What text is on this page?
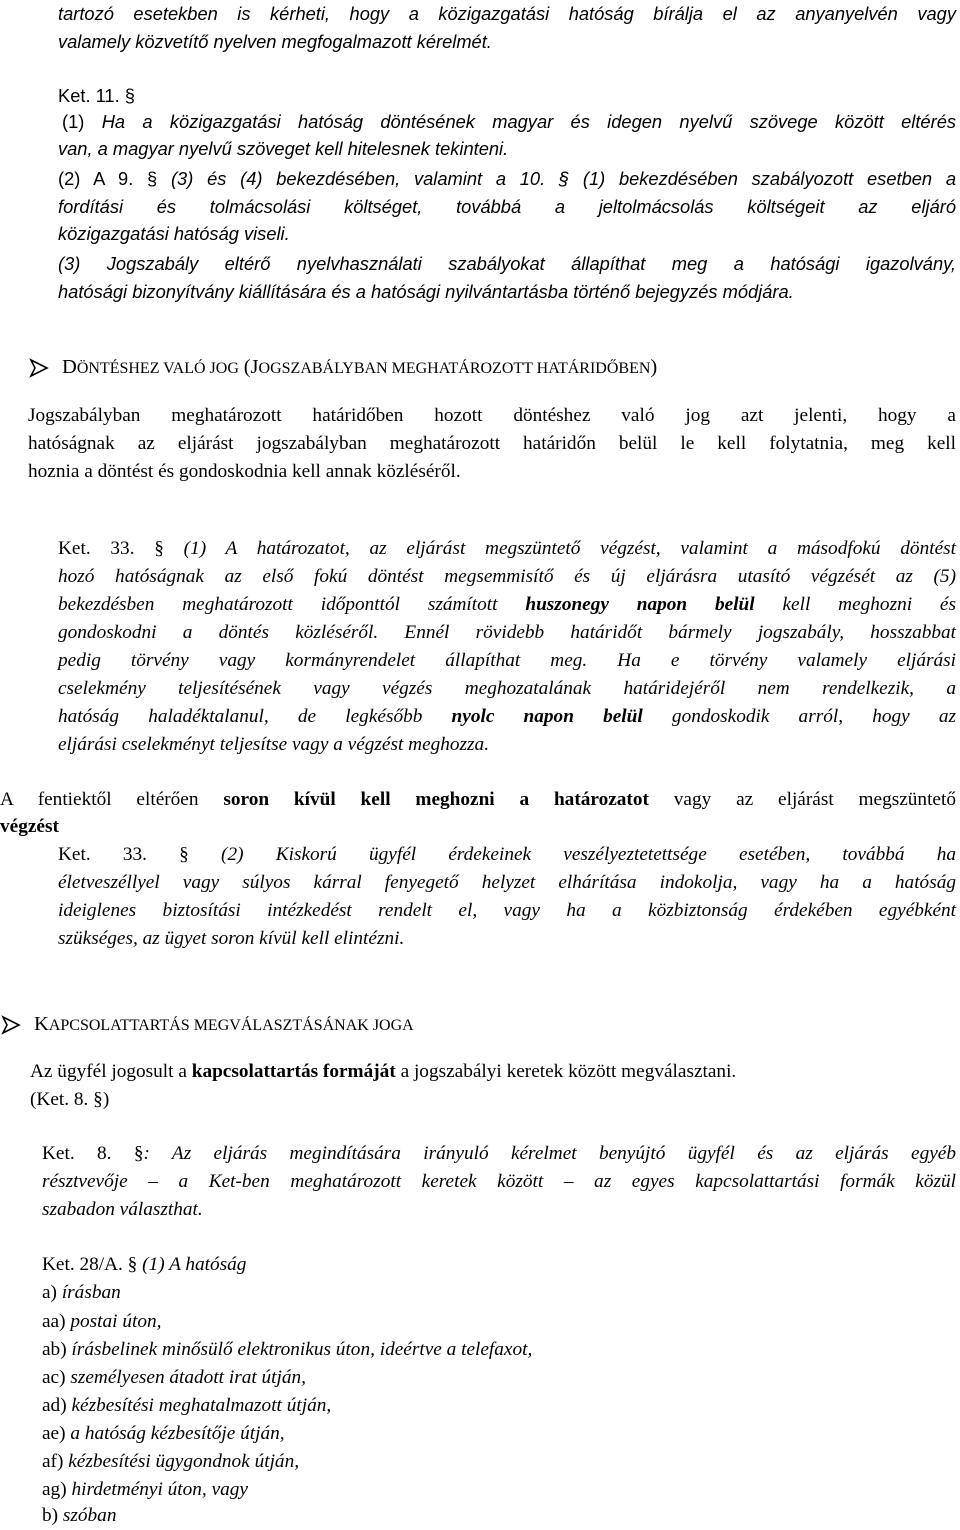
DÖNTÉSHEZ VALÓ JOG (JOGSZABÁLYBAN MEGHATÁROZOTT HATÁRIDŐBEN)
KAPCSOLATTARTÁS MEGVÁLASZTÁSÁNAK JOGA
tartozó esetekben is kérheti, hogy a közigazgatási hatóság bírálja el az anyanyelvén vagy
valamely közvetítő nyelven megfogalmazott kérelmét.
Ket. 11. §
(1) Ha a közigazgatási hatóság döntésének magyar és idegen nyelvű szövege között eltérés
van, a magyar nyelvű szöveget kell hitelesnek tekinteni.
(2) A 9. § (3) és (4) bekezdésében, valamint a 10. § (1) bekezdésében szabályozott esetben a
fordítási és tolmácsolási költséget, továbbá a jeltolmácsolás költségeit az eljáró
közigazgatási hatóság viseli.
(3) Jogszabály eltérő nyelvhasználati szabályokat állapíthat meg a hatósági igazolvány,
hatósági bizonyítvány kiállítására és a hatósági nyilvántartásba történő bejegyzés módjára.
Jogszabályban meghatározott határidőben hozott döntéshez való jog azt jelenti, hogy a
hatóságnak az eljárást jogszabályban meghatározott határidőn belül le kell folytatnia, meg kell
hoznia a döntést és gondoskodnia kell annak közléséről.
Ket. 33. § (1) A határozatot, az eljárást megszüntető végzést, valamint a másodfokú döntést
hozó hatóságnak az első fokú döntést megsemmisítő és új eljárásra utasító végzését az (5)
bekezdésben meghatározott időponttól számított huszonegy napon belül kell meghozni és
gondoskodni a döntés közléséről. Ennél rövidebb határidőt bármely jogszabály, hosszabbat
pedig törvény vagy kormányrendelet állapíthat meg. Ha e törvény valamely eljárási
cselekmény teljesítésének vagy végzés meghozatalának határidejéről nem rendelkezik, a
hatóság haladéktalanul, de legkésőbb nyolc napon belül gondoskodik arról, hogy az
eljárási cselekményt teljesítse vagy a végzést meghozza.
A fentiektől eltérően soron kívül kell meghozni a határozatot vagy az eljárást megszüntető
végzést
Ket. 33. § (2) Kiskorú ügyfél érdekeinek veszélyeztetettsége esetében, továbbá ha
életveszéllyel vagy súlyos kárral fenyegető helyzet elhárítása indokolja, vagy ha a hatóság
ideiglenes biztosítási intézkedést rendelt el, vagy ha a közbiztonság érdekében egyébként
szükséges, az ügyet soron kívül kell elintézni.
Az ügyfél jogosult a kapcsolattartás formáját a jogszabályi keretek között megválasztani.
(Ket. 8. §)
Ket. 8. §: Az eljárás megindítására irányuló kérelmet benyújtó ügyfél és az eljárás egyéb
résztvevője – a Ket-ben meghatározott keretek között – az egyes kapcsolattartási formák közül
szabadon választhat.
Ket. 28/A. § (1) A hatóság
a) írásban
aa) postai úton,
ab) írásbelinek minősülő elektronikus úton, ideértve a telefaxot,
ac) személyesen átadott irat útján,
ad) kézbesítési meghatalmazott útján,
ae) a hatóság kézbesítője útján,
af) kézbesítési ügygondnok útján,
ag) hirdetményi úton, vagy
b) szóban
